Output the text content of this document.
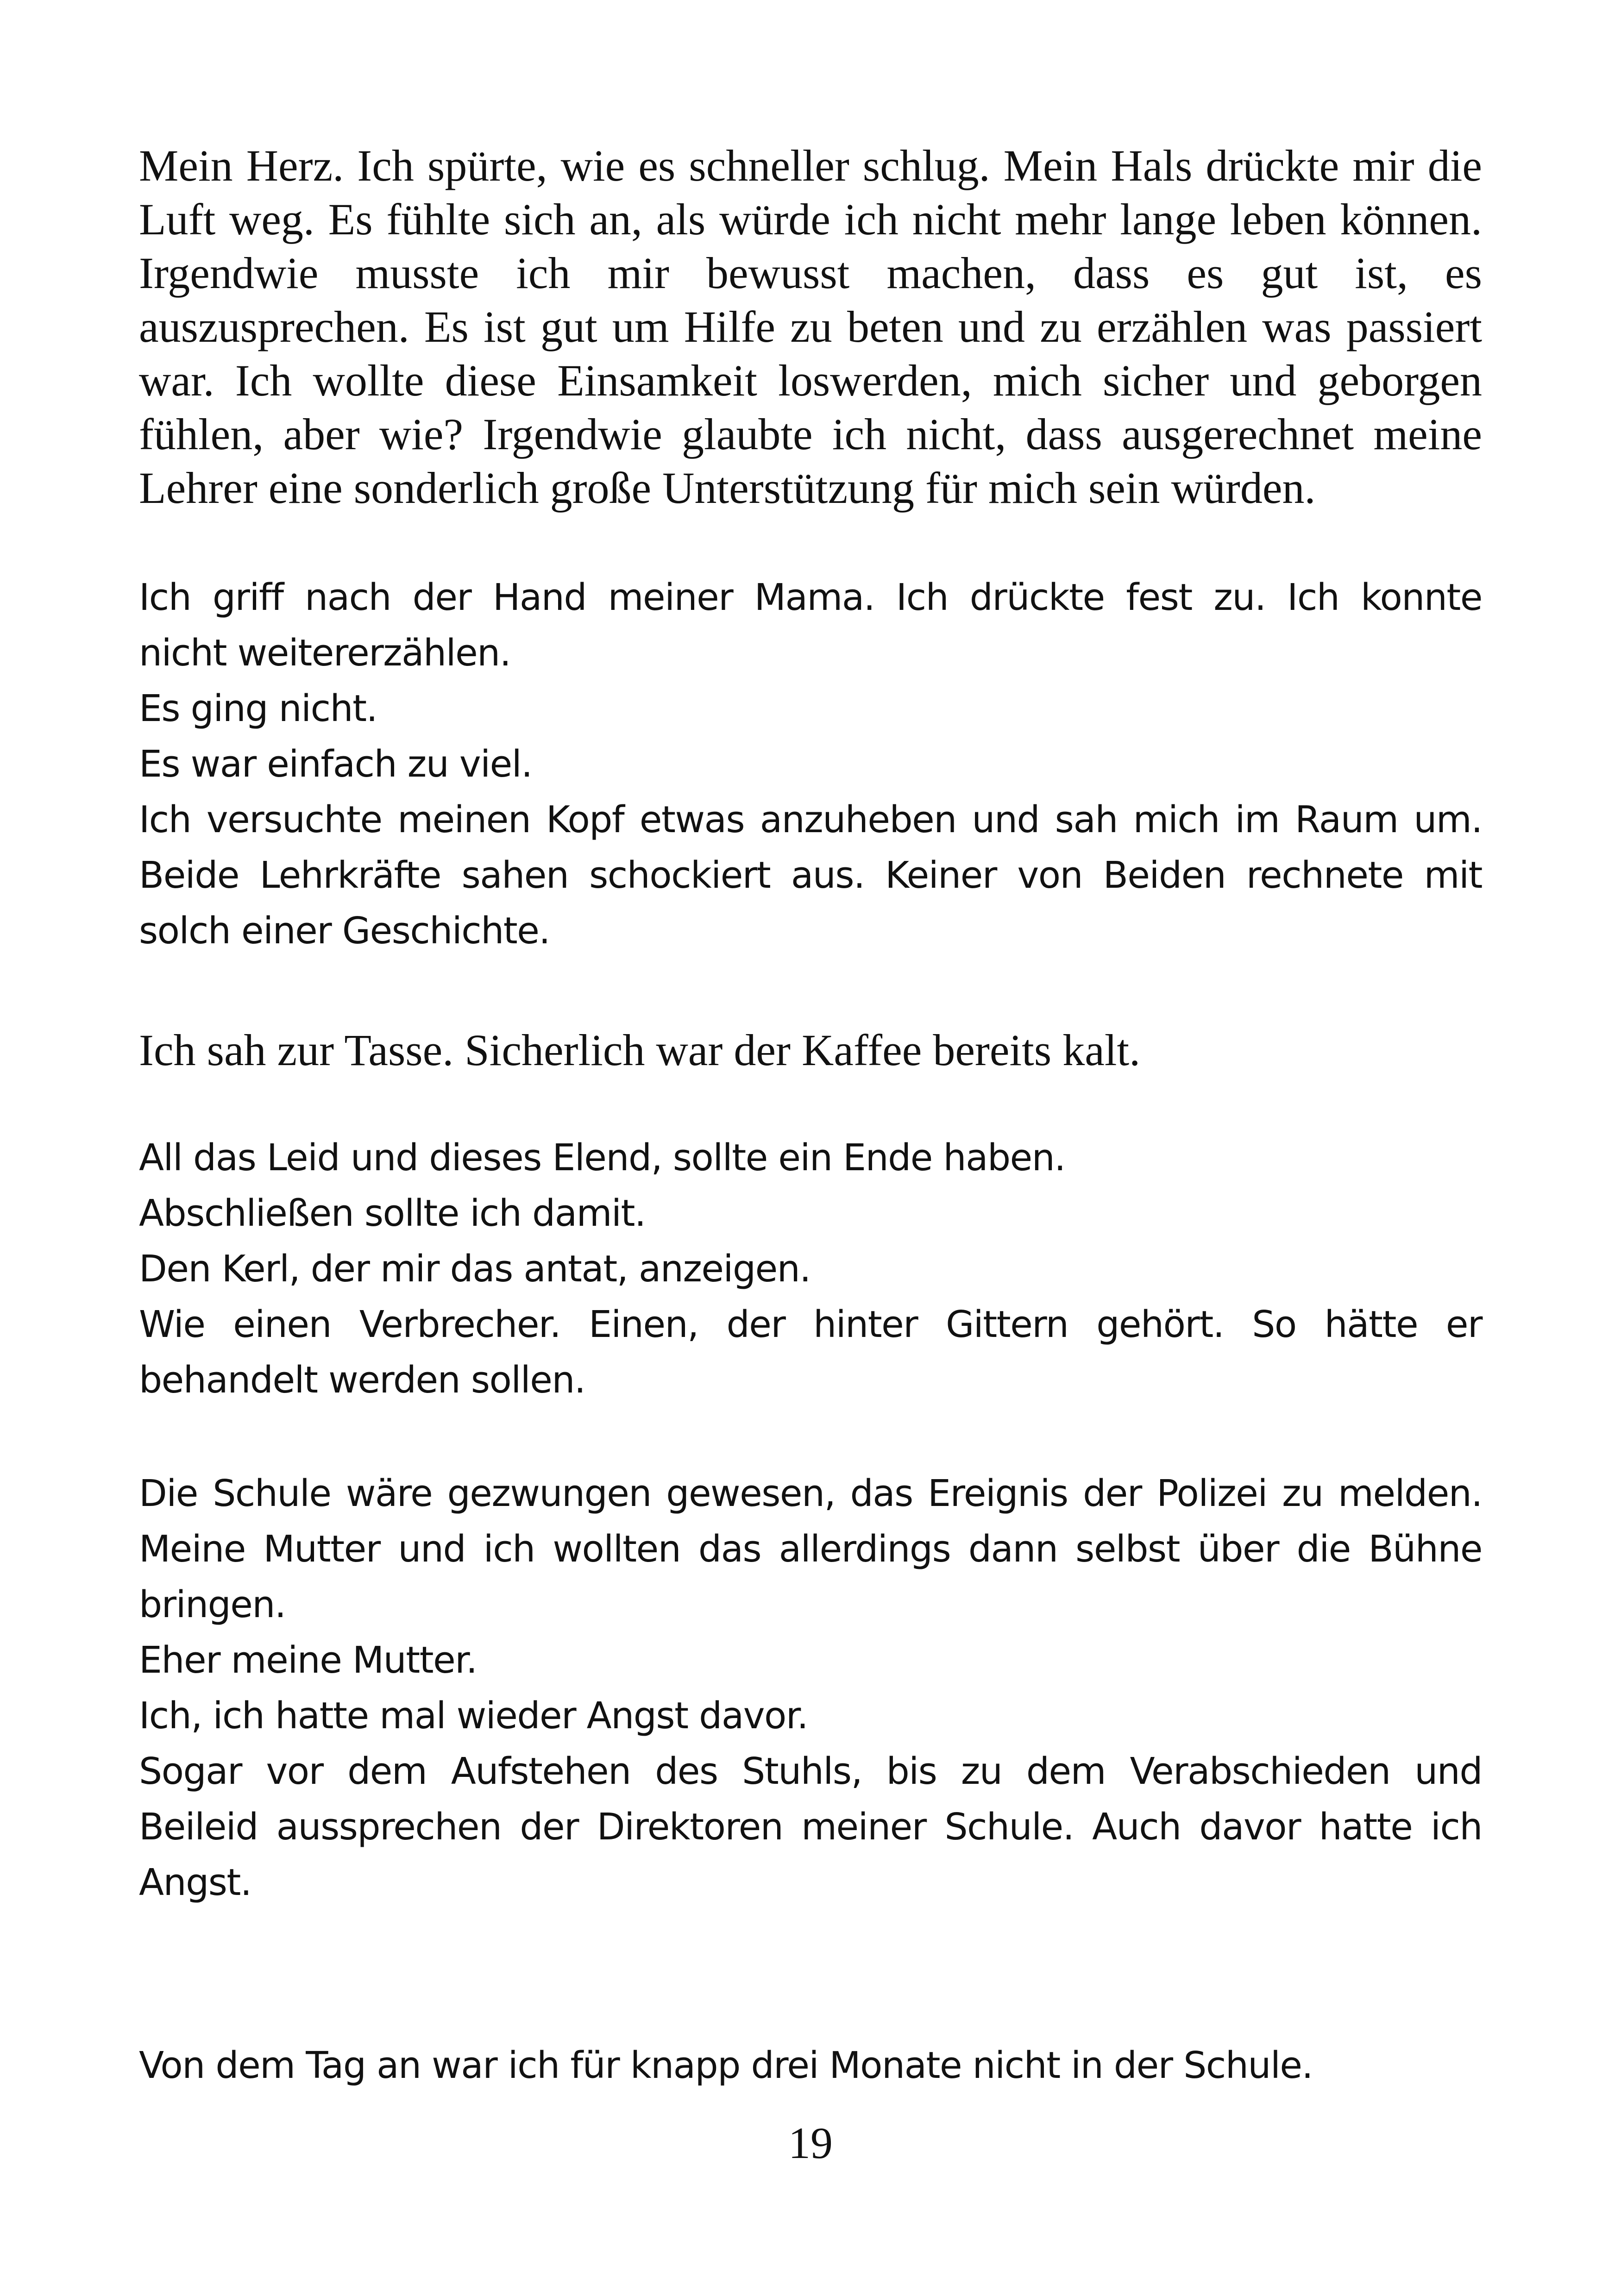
Mein Herz. Ich spürte, wie es schneller schlug. Mein Hals drückte mir die Luft weg. Es fühlte sich an, als würde ich nicht mehr lange leben können. Irgendwie musste ich mir bewusst machen, dass es gut ist, es auszusprechen. Es ist gut um Hilfe zu beten und zu erzählen was passiert war. Ich wollte diese Einsamkeit loswerden, mich sicher und geborgen fühlen, aber wie? Irgendwie glaubte ich nicht, dass ausgerechnet meine Lehrer eine sonderlich große Unterstützung für mich sein würden.

Ich griff nach der Hand meiner Mama. Ich drückte fest zu. Ich konnte
nicht weitererzählen.
Es ging nicht.
Es war einfach zu viel.
Ich versuchte meinen Kopf etwas anzuheben und sah mich im Raum um.
Beide Lehrkräfte sahen schockiert aus. Keiner von Beiden rechnete mit
solch einer Geschichte.

Ich sah zur Tasse. Sicherlich war der Kaffee bereits kalt.

All das Leid und dieses Elend, sollte ein Ende haben.
Abschließen sollte ich damit.
Den Kerl, der mir das antat, anzeigen.
Wie einen Verbrecher. Einen, der hinter Gittern gehört. So hätte er
behandelt werden sollen.
Die Schule wäre gezwungen gewesen, das Ereignis der Polizei zu melden.
Meine Mutter und ich wollten das allerdings dann selbst über die Bühne
bringen.
Eher meine Mutter.
Ich, ich hatte mal wieder Angst davor.
Sogar vor dem Aufstehen des Stuhls, bis zu dem Verabschieden und
Beileid aussprechen der Direktoren meiner Schule. Auch davor hatte ich
Angst.
Von dem Tag an war ich für knapp drei Monate nicht in der Schule.
19
